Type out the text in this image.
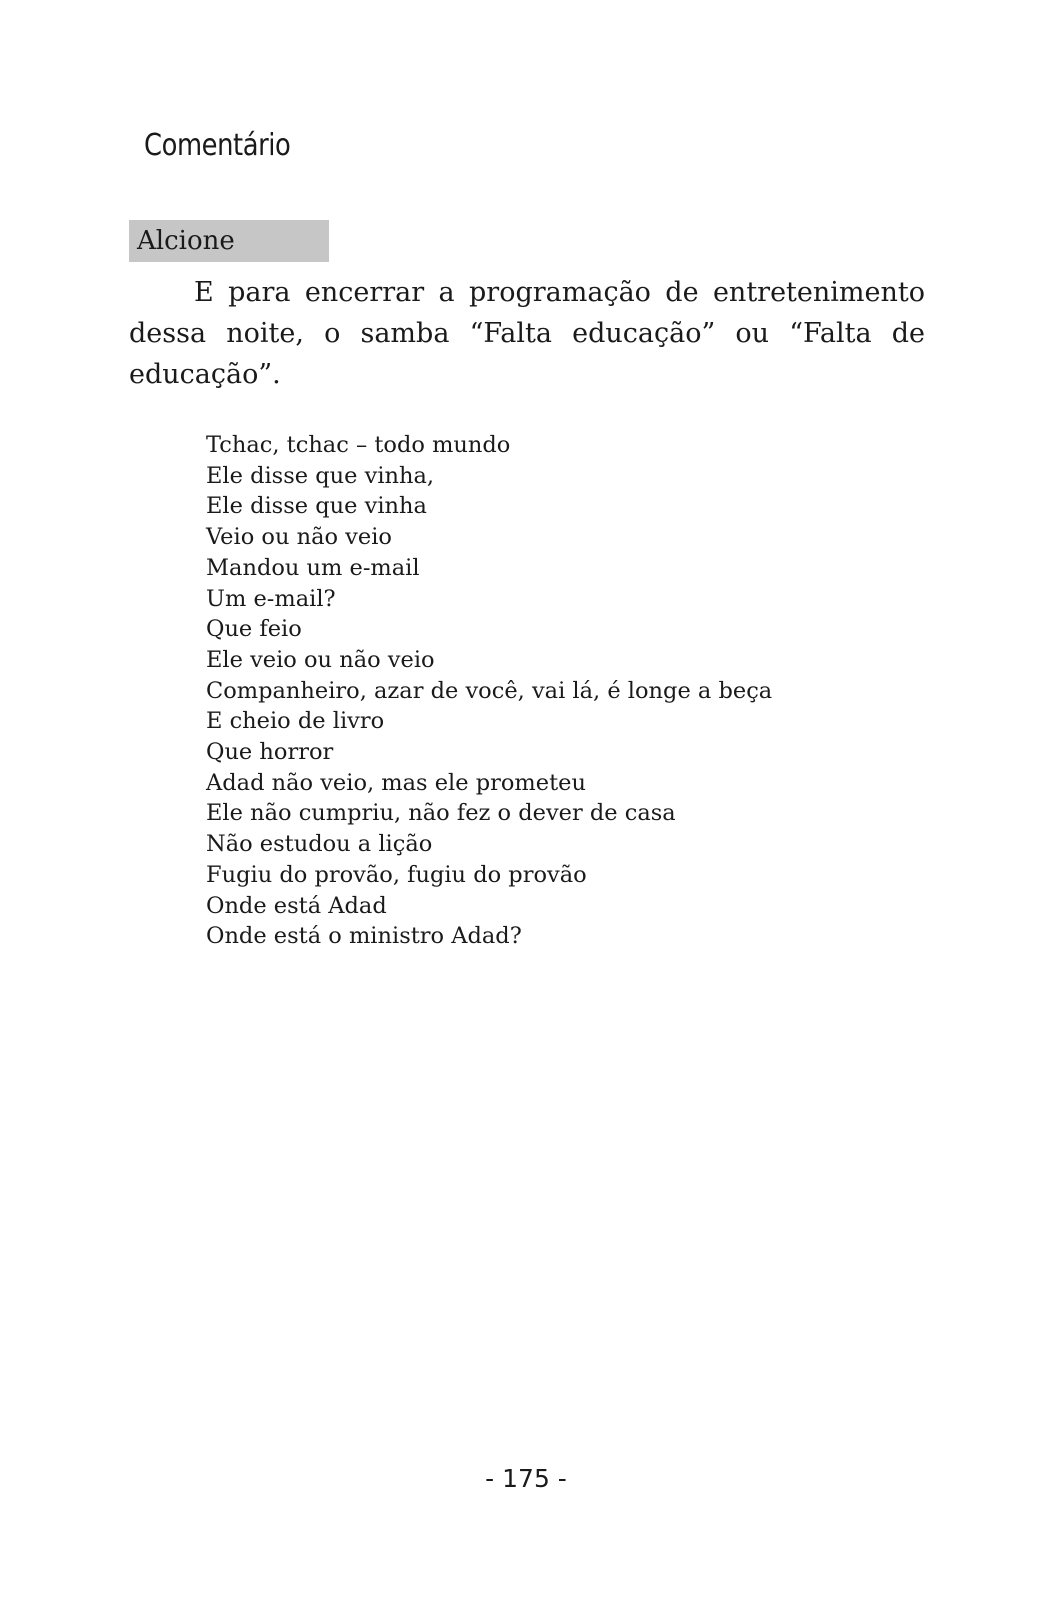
Comentário
Alcione

E para encerrar a programação de entretenimento dessa noite, o samba “Falta educação” ou “Falta de educação”.

Tchac, tchac – todo mundo
Ele disse que vinha,
Ele disse que vinha
Veio ou não veio
Mandou um e-mail
Um e-mail?
Que feio
Ele veio ou não veio
Companheiro, azar de você, vai lá, é longe a beça
E cheio de livro
Que horror
Adad não veio, mas ele prometeu
Ele não cumpriu, não fez o dever de casa
Não estudou a lição
Fugiu do provão, fugiu do provão
Onde está Adad
Onde está o ministro Adad?
- 175 -
